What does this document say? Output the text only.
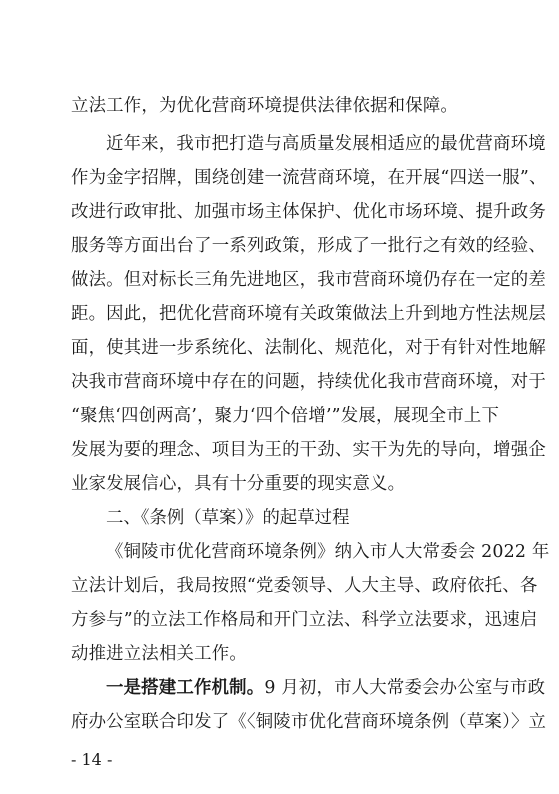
立法工作，为优化营商环境提供法律依据和保障。
近年来，我市把打造与高质量发展相适应的最优营商环境
作为金字招牌，围绕创建一流营商环境，在开展“四送一服”、
改进行政审批、加强市场主体保护、优化市场环境、提升政务
服务等方面出台了一系列政策，形成了一批行之有效的经验、
做法。但对标长三角先进地区，我市营商环境仍存在一定的差
距。因此，把优化营商环境有关政策做法上升到地方性法规层
面，使其进一步系统化、法制化、规范化，对于有针对性地解
决我市营商环境中存在的问题，持续优化我市营商环境，对于
“聚焦‘四创两高’，聚力‘四个倍增’”发展，展现全市上下
发展为要的理念、项目为王的干劲、实干为先的导向，增强企
业家发展信心，具有十分重要的现实意义。
二、《条例（草案）》的起草过程
《铜陵市优化营商环境条例》纳入市人大常委会 2022 年
立法计划后，我局按照“党委领导、人大主导、政府依托、各
方参与”的立法工作格局和开门立法、科学立法要求，迅速启
动推进立法相关工作。
一是搭建工作机制。9 月初，市人大常委会办公室与市政
府办公室联合印发了《〈铜陵市优化营商环境条例（草案）〉立
- 14 -
